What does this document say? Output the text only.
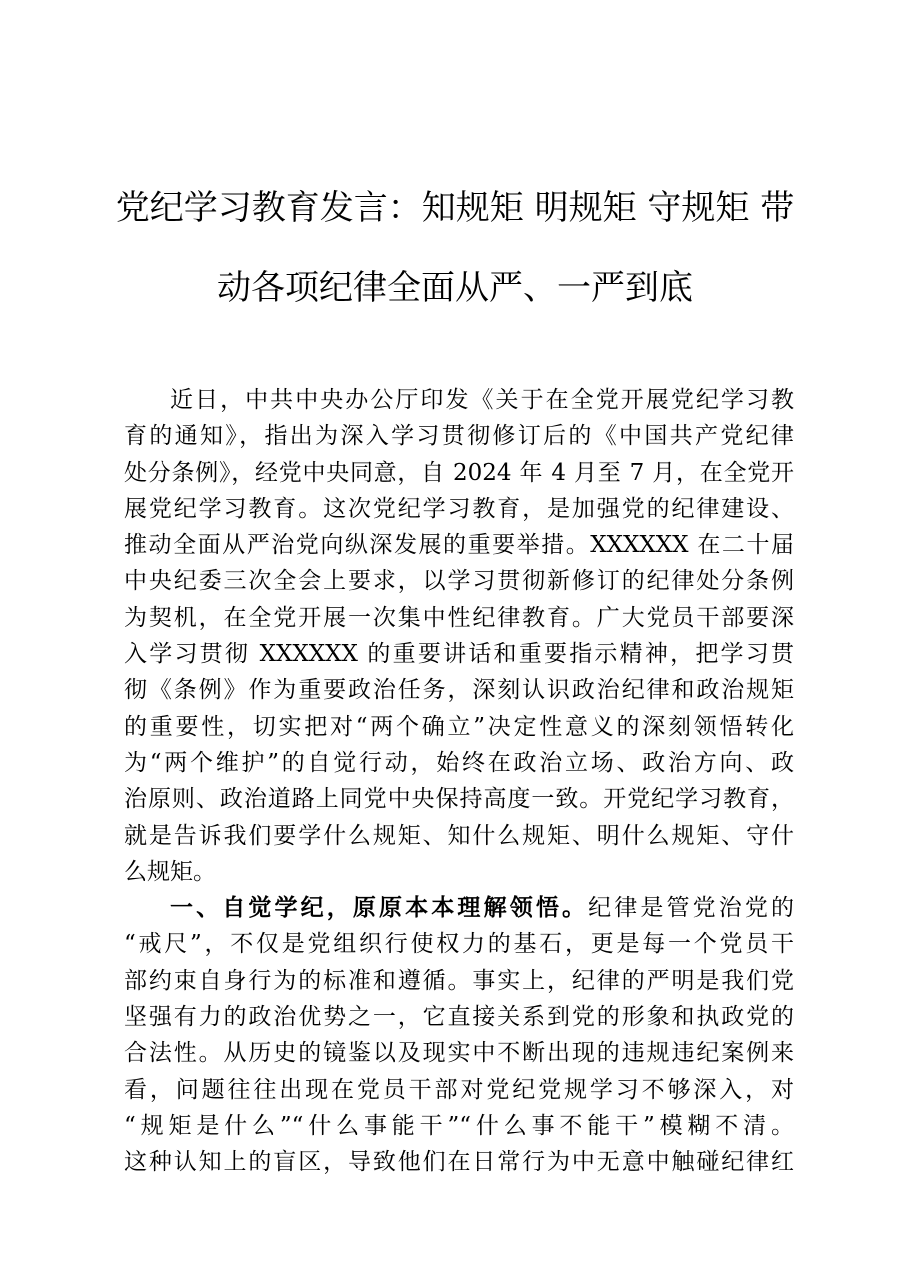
党纪学习教育发言：知规矩 明规矩 守规矩 带
动各项纪律全面从严、一严到底
近日，中共中央办公厅印发《关于在全党开展党纪学习教
育的通知》，指出为深入学习贯彻修订后的《中国共产党纪律
处分条例》，经党中央同意，自 2024 年 4 月至 7 月，在全党开
展党纪学习教育。这次党纪学习教育，是加强党的纪律建设、
推动全面从严治党向纵深发展的重要举措。XXXXXX 在二十届
中央纪委三次全会上要求，以学习贯彻新修订的纪律处分条例
为契机，在全党开展一次集中性纪律教育。广大党员干部要深
入学习贯彻 XXXXXX 的重要讲话和重要指示精神，把学习贯
彻《条例》作为重要政治任务，深刻认识政治纪律和政治规矩
的重要性，切实把对“两个确立”决定性意义的深刻领悟转化
为“两个维护”的自觉行动，始终在政治立场、政治方向、政
治原则、政治道路上同党中央保持高度一致。开党纪学习教育，
就是告诉我们要学什么规矩、知什么规矩、明什么规矩、守什
么规矩。
一、自觉学纪，原原本本理解领悟。纪律是管党治党的
“戒尺”，不仅是党组织行使权力的基石，更是每一个党员干
部约束自身行为的标准和遵循。事实上，纪律的严明是我们党
坚强有力的政治优势之一，它直接关系到党的形象和执政党的
合法性。从历史的镜鉴以及现实中不断出现的违规违纪案例来
看，问题往往出现在党员干部对党纪党规学习不够深入，对
“规矩是什么”“什么事能干”“什么事不能干”模糊不清。
这种认知上的盲区，导致他们在日常行为中无意中触碰纪律红
